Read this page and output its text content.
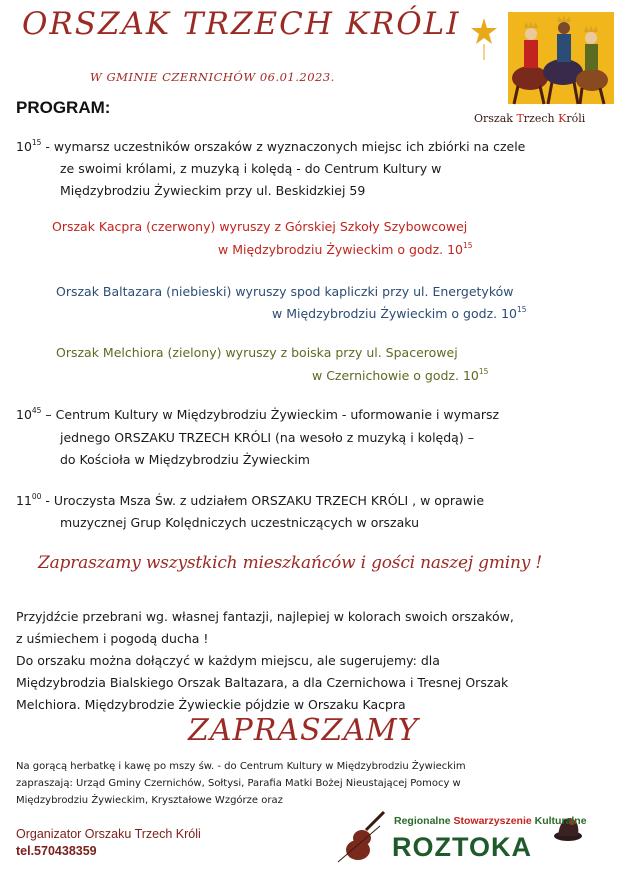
ORSZAK TRZECH KRÓLI
W GMINIE CZERNICHÓW 06.01.2023.
Orszak Trzech Króli
PROGRAM:
$10^{15}$ - wymarsz uczestników orszaków z wyznaczonych miejsc ich zbiórki na czele
ze swoimi królami, z muzyką i kolędą - do Centrum Kultury w
Międzybrodziu Żywieckim przy ul. Beskidzkiej 59
Orszak Kacpra (czerwony) wyruszy z Górskiej Szkoły Szybowcowej
w Międzybrodziu Żywieckim o godz. $10^{15}$
Orszak Baltazara (niebieski) wyruszy spod kapliczki przy ul. Energetyków
w Międzybrodziu Żywieckim o godz. $10^{15}$
Orszak Melchiora (zielony) wyruszy z boiska przy ul. Spacerowej
w Czernichowie o godz. $10^{15}$
$10^{45}$ – Centrum Kultury w Międzybrodziu Żywieckim - uformowanie i wymarsz
jednego ORSZAKU TRZECH KRÓLI (na wesoło z muzyką i kolędą) –
do Kościoła w Międzybrodziu Żywieckim
$11^{00}$ - Uroczysta Msza Św. z udziałem ORSZAKU TRZECH KRÓLI , w oprawie
muzycznej Grup Kolędniczych uczestniczących w orszaku
Zapraszamy wszystkich mieszkańców i gości naszej gminy !
Przyjdźcie przebrani wg. własnej fantazji, najlepiej w kolorach swoich orszaków,
z uśmiechem i pogodą ducha !
Do orszaku można dołączyć w każdym miejscu, ale sugerujemy: dla
Międzybrodzia Bialskiego Orszak Baltazara, a dla Czernichowa i Tresnej Orszak
Melchiora. Międzybrodzie Żywieckie pójdzie w Orszaku Kacpra
ZAPRASZAMY
Na gorącą herbatkę i kawę po mszy św. - do Centrum Kultury w Międzybrodziu Żywieckim
zapraszają: Urząd Gminy Czernichów, Sołtysi, Parafia Matki Bożej Nieustającej Pomocy w
Międzybrodziu Żywieckim, Kryształowe Wzgórze oraz
Organizator Orszaku Trzech Króli
tel.570438359
Regionalne Stowarzyszenie Kulturalne
ROZTOKA
